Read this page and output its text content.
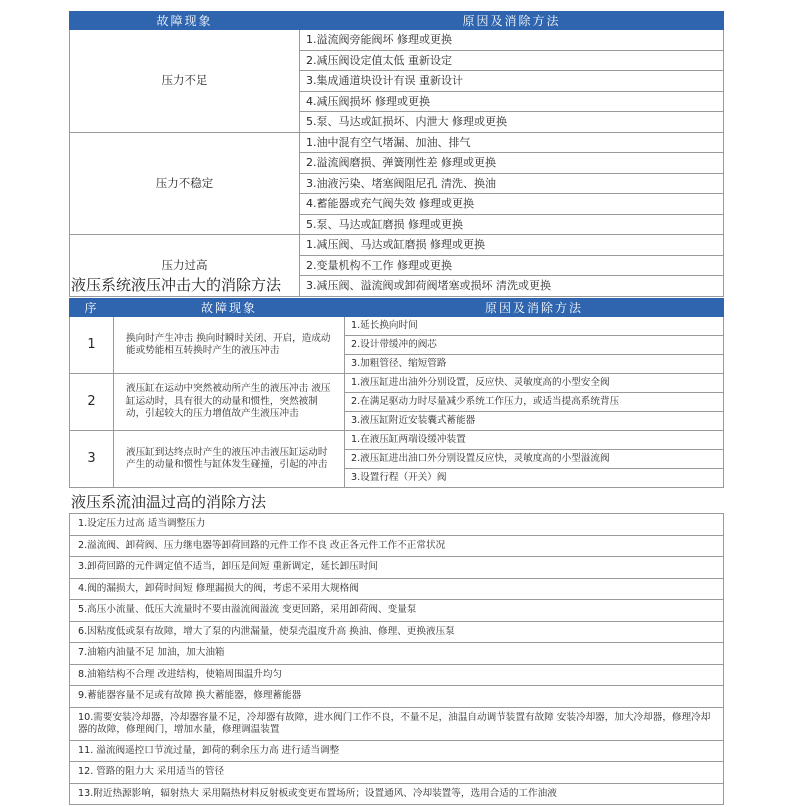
故障现象	原因及消除方法
压力不足	1.溢流阀旁能阀坏 修理或更换
	2.减压阀设定值太低 重新设定
	3.集成通道块设计有误 重新设计
	4.减压阀损坏 修理或更换
	5.泵、马达或缸损坏、内泄大 修理或更换
压力不稳定	1.油中混有空气堵漏、加油、排气
	2.溢流阀磨损、弹簧刚性差 修理或更换
	3.油液污染、堵塞阀阻尼孔 清洗、换油
	4.蓄能器或充气阀失效 修理或更换
	5.泵、马达或缸磨损 修理或更换
压力过高	1.减压阀、马达或缸磨损 修理或更换
	2.变量机构不工作 修理或更换
	3.减压阀、溢流阀或卸荷阀堵塞或损坏 清洗或更换
液压系统液压冲击大的消除方法
序	故障现象	原因及消除方法
1	换向时产生冲击 换向时瞬时关闭、开启，造成动能或势能相互转换时产生的液压冲击	1.延长换向时间
		2.设计带缓冲的阀芯
		3.加粗管径、缩短管路
2	液压缸在运动中突然被动所产生的液压冲击 液压缸运动时，具有很大的动量和惯性，突然被制动，引起较大的压力增值故产生液压冲击	1.液压缸进出油外分别设置，反应快、灵敏度高的小型安全阀
		2.在满足驱动力时尽量减少系统工作压力，或适当提高系统背压
		3.液压缸附近安装囊式蓄能器
3	液压缸到达终点时产生的液压冲击液压缸运动时产生的动量和惯性与缸体发生碰撞，引起的冲击	1.在液压缸两端设缓冲装置
		2.液压缸进出油口外分别设置反应快，灵敏度高的小型溢流阀
		3.设置行程（开关）阀
液压系流油温过高的消除方法
1.设定压力过高 适当调整压力
2.溢流阀、卸荷阀、压力继电器等卸荷回路的元件工作不良 改正各元件工作不正常状况
3.卸荷回路的元件调定值不适当，卸压是间短 重新调定，延长卸压时间
4.阀的漏损大，卸荷时间短 修理漏损大的阀，考虑不采用大规格阀
5.高压小流量、低压大流量时不要由溢流阀溢流 变更回路，采用卸荷阀、变量泵
6.因粘度低或泵有故障，增大了泵的内泄漏量，使泵壳温度升高 换油、修理、更换液压泵
7.油箱内油量不足 加油，加大油箱
8.油箱结构不合理 改进结构，使箱周围温升均匀
9.蓄能器容量不足或有故障 换大蓄能器，修理蓄能器
10.需要安装冷却器，冷却器容量不足，冷却器有故障，进水阀门工作不良，不量不足，油温自动调节装置有故障 安装冷却器，加大冷却器，修理冷却器的故障，修理阀门，增加水量，修理调温装置
11. 溢流阀遥控口节流过量，卸荷的剩余压力高 进行适当调整
12. 管路的阻力大 采用适当的管径
13.附近热源影响，辐射热大 采用隔热材料反射板或变更布置场所；设置通风、冷却装置等，选用合适的工作油液
